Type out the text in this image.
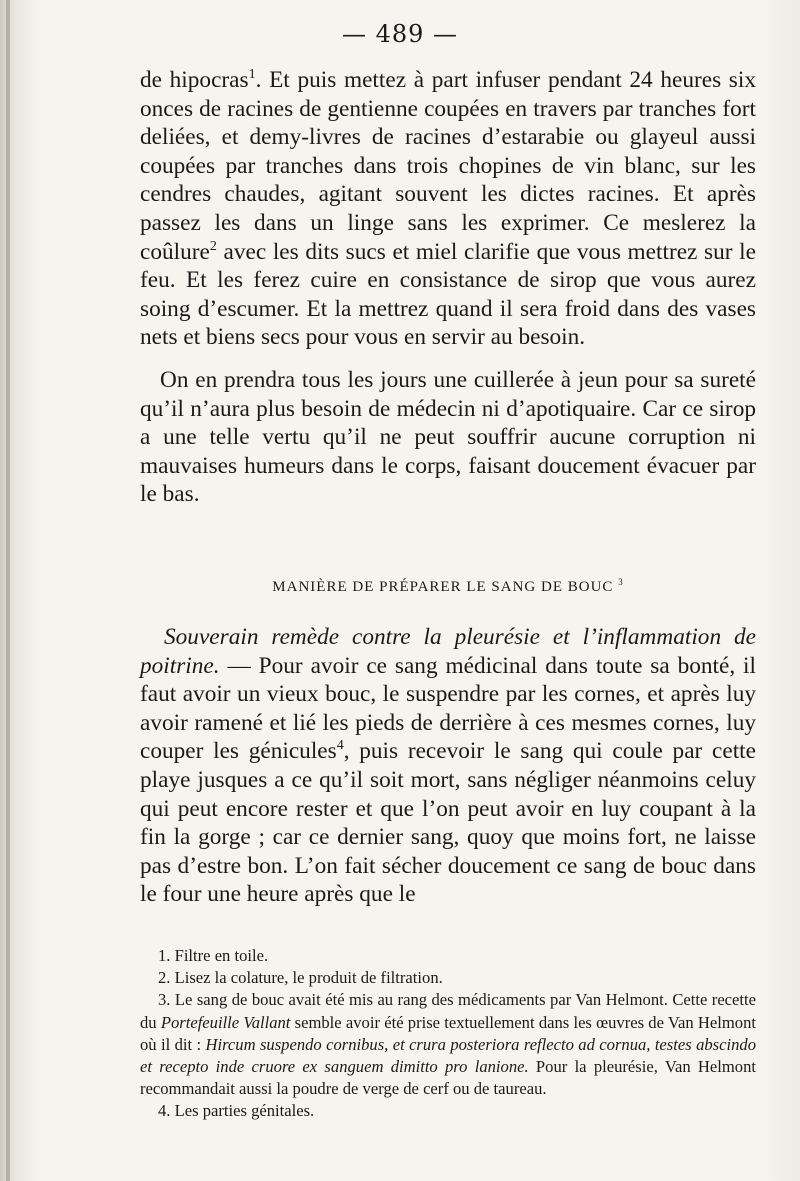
— 489 —

de hipocras$^1$. Et puis mettez à part infuser pendant 24 heures six onces de racines de gentienne coupées en travers par tranches fort deliées, et demy-livres de racines d’estarabie ou glayeul aussi coupées par tranches dans trois chopines de vin blanc, sur les cendres chaudes, agitant souvent les dictes racines. Et après passez les dans un linge sans les exprimer. Ce meslerez la coûlure$^2$ avec les dits sucs et miel clarifie que vous mettrez sur le feu. Et les ferez cuire en consistance de sirop que vous aurez soing d’escumer. Et la mettrez quand il sera froid dans des vases nets et biens secs pour vous en servir au besoin.

On en prendra tous les jours une cuillerée à jeun pour sa sureté qu’il n’aura plus besoin de médecin ni d’apotiquaire. Car ce sirop a une telle vertu qu’il ne peut souffrir aucune corruption ni mauvaises humeurs dans le corps, faisant doucement évacuer par le bas.

MANIÈRE DE PRÉPARER LE SANG DE BOUC $^3$

Souverain remède contre la pleurésie et l’inflammation de poitrine. — Pour avoir ce sang médicinal dans toute sa bonté, il faut avoir un vieux bouc, le suspendre par les cornes, et après luy avoir ramené et lié les pieds de derrière à ces mesmes cornes, luy couper les génicules$^4$, puis recevoir le sang qui coule par cette playe jusques a ce qu’il soit mort, sans négliger néanmoins celuy qui peut encore rester et que l’on peut avoir en luy coupant à la fin la gorge ; car ce dernier sang, quoy que moins fort, ne laisse pas d’estre bon. L’on fait sécher doucement ce sang de bouc dans le four une heure après que le

1. Filtre en toile.

2. Lisez la colature, le produit de filtration.

3. Le sang de bouc avait été mis au rang des médicaments par Van Helmont. Cette recette du Portefeuille Vallant semble avoir été prise textuellement dans les œuvres de Van Helmont où il dit : Hircum suspendo cornibus, et crura posteriora reflecto ad cornua, testes abscindo et recepto inde cruore ex sanguem dimitto pro lanione. Pour la pleurésie, Van Helmont recommandait aussi la poudre de verge de cerf ou de taureau.

4. Les parties génitales.
